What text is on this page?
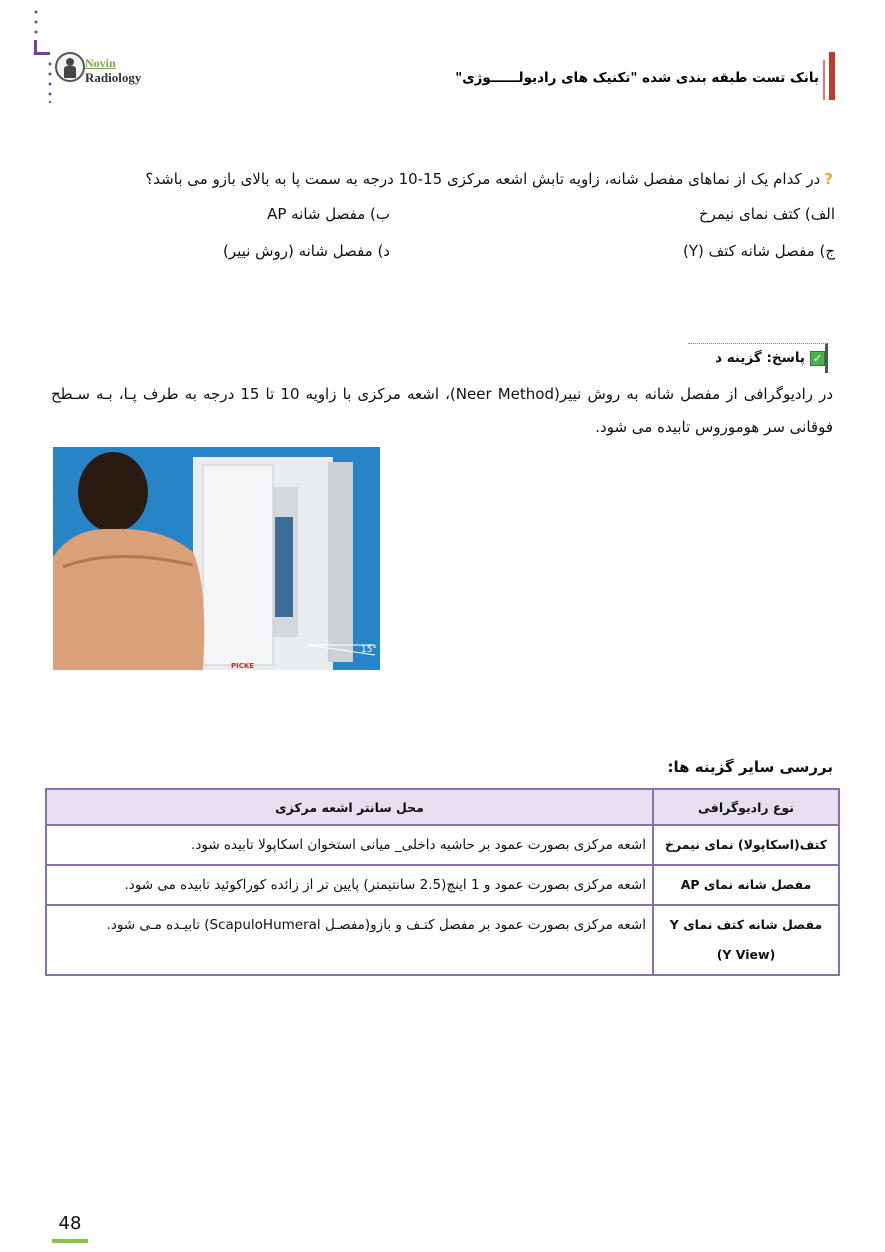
Novin
Radiology	بانک تست طبقه بندی شده "تکنیک های رادیولــــــوژی"
?در کدام یک از نماهای مفصل شانه، زاویه تابش اشعه مرکزی 15-10 درجه به سمت پا به بالای بازو می باشد؟
الف) کتف نمای نیمرخ
ب) مفصل شانه AP
ج) مفصل شانه کتف (Y)
د) مفصل شانه (روش نییر)
✓پاسخ: گزینه د
در رادیوگرافی از مفصل شانه به روش نییر(Neer Method)، اشعه مرکزی با زاویه 10 تا 15 درجه به طرف پـا، بـه سـطح فوقانی سر هوموروس تابیده می شود.
15°
PICKE
بررسی سایر گزینه ها:
نوع رادیوگرافی	محل سانتر اشعه مرکزی
کتف(اسکاپولا) نمای نیمرخ	اشعه مرکزی بصورت عمود بر حاشیه داخلی_ میانی استخوان اسکاپولا تابیده شود.
مفصل شانه نمای AP	اشعه مرکزی بصورت عمود و 1 اینچ(2.5 سانتیمتر) پایین تر از زائده کوراکوئید تابیده می شود.

مفصل شانه کتف نمای Y
(Y View)	اشعه مرکزی بصورت عمود بر مفصل کتـف و بازو(مفصـل ScapuloHumeral) تابیـده مـی شود.
48
